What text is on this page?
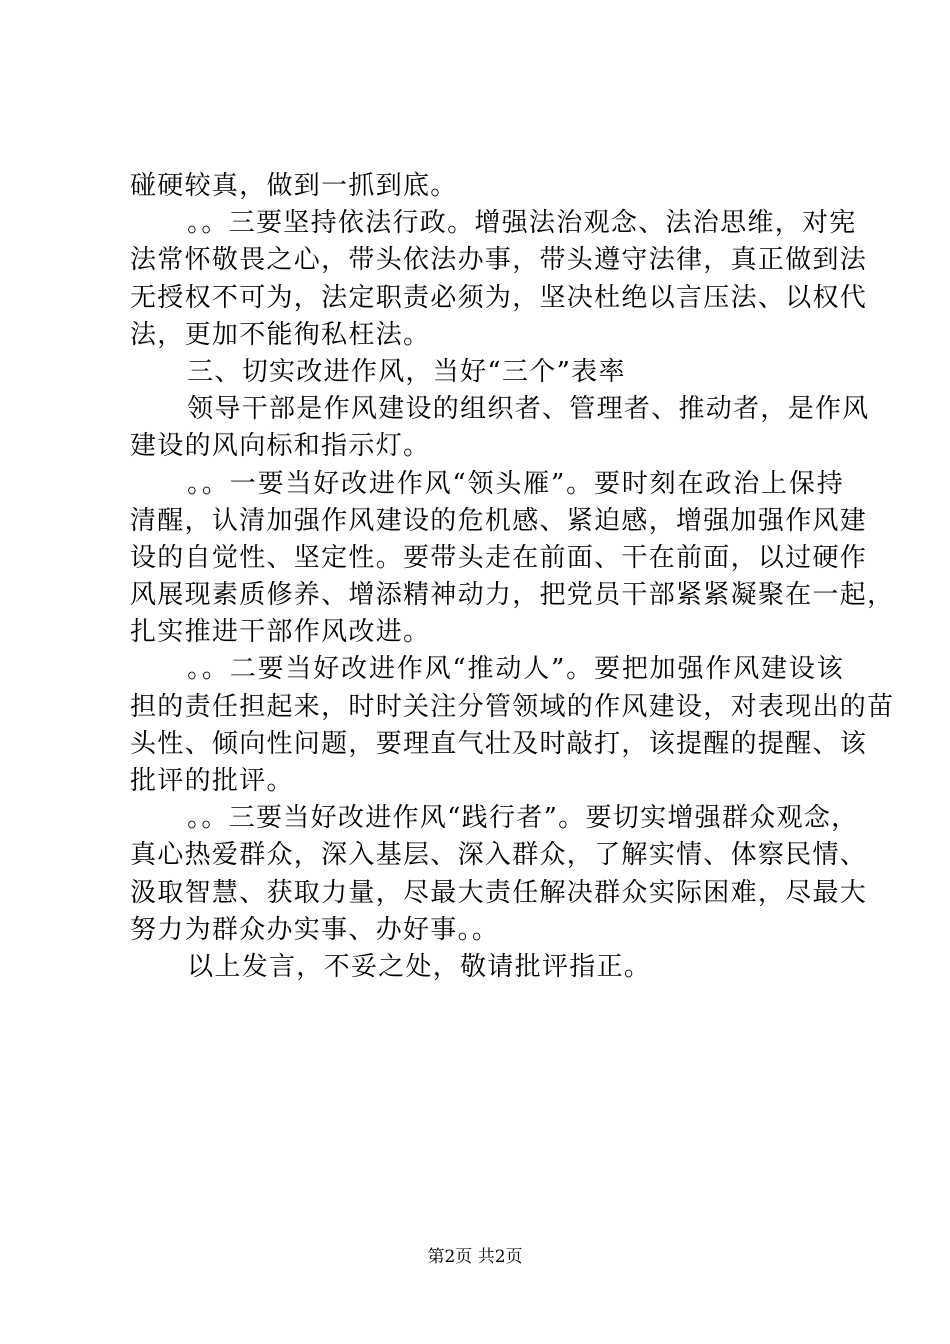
碰硬较真，做到一抓到底。
。。三要坚持依法行政。增强法治观念、法治思维，对宪
法常怀敬畏之心，带头依法办事，带头遵守法律，真正做到法
无授权不可为，法定职责必须为，坚决杜绝以言压法、以权代
法，更加不能徇私枉法。
三、切实改进作风，当好“三个”表率
领导干部是作风建设的组织者、管理者、推动者，是作风
建设的风向标和指示灯。
。。一要当好改进作风“领头雁”。要时刻在政治上保持
清醒，认清加强作风建设的危机感、紧迫感，增强加强作风建
设的自觉性、坚定性。要带头走在前面、干在前面，以过硬作
风展现素质修养、增添精神动力，把党员干部紧紧凝聚在一起，
扎实推进干部作风改进。
。。二要当好改进作风“推动人”。要把加强作风建设该
担的责任担起来，时时关注分管领域的作风建设，对表现出的苗
头性、倾向性问题，要理直气壮及时敲打，该提醒的提醒、该
批评的批评。
。。三要当好改进作风“践行者”。要切实增强群众观念，
真心热爱群众，深入基层、深入群众，了解实情、体察民情、
汲取智慧、获取力量，尽最大责任解决群众实际困难，尽最大
努力为群众办实事、办好事。。
以上发言，不妥之处，敬请批评指正。
第2页 共2页
